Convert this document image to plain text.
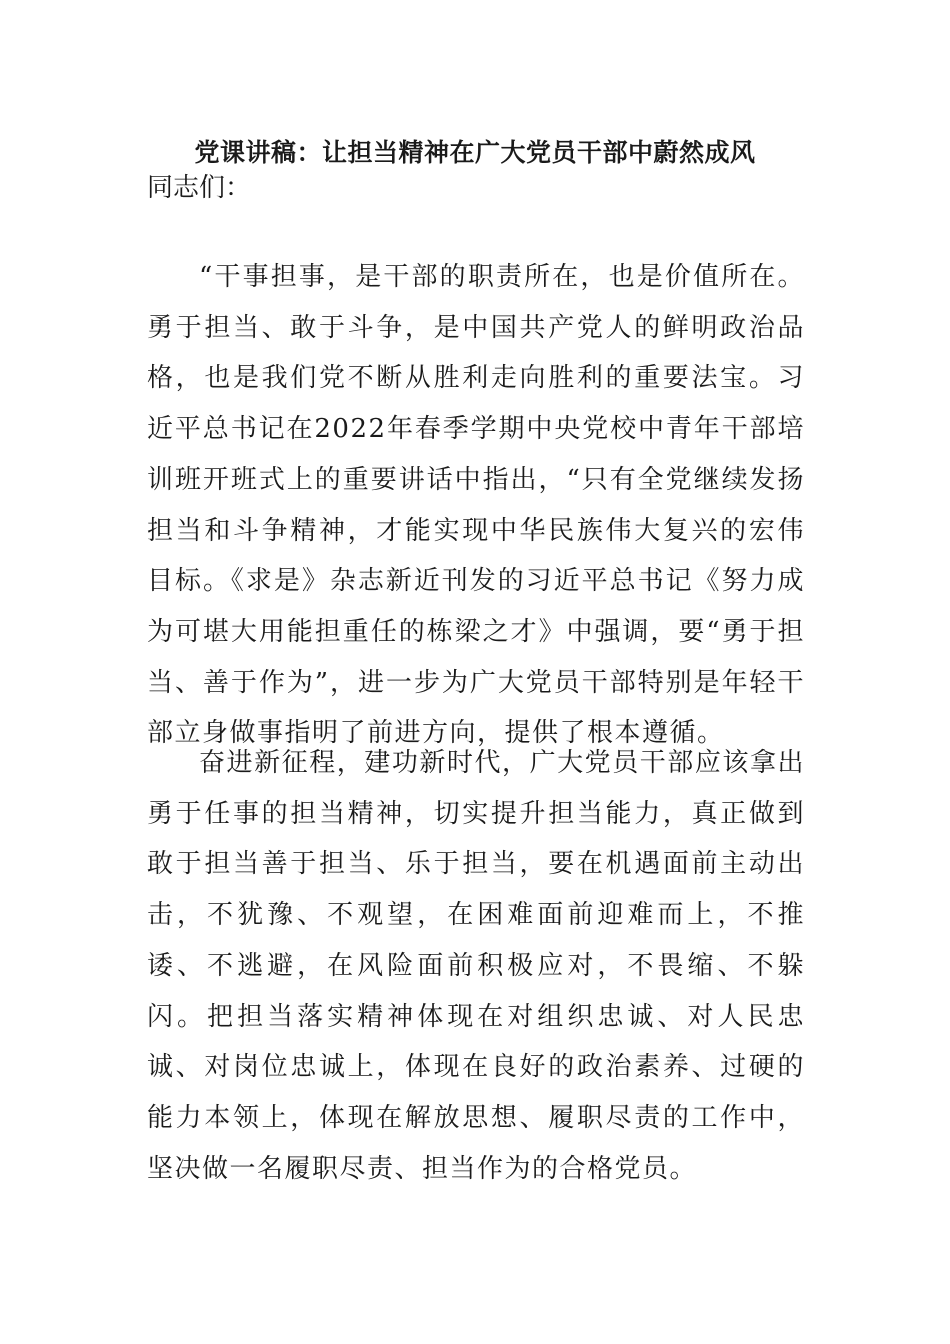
党课讲稿：让担当精神在广大党员干部中蔚然成风

同志们：

“干事担事，是干部的职责所在，也是价值所在。勇于担当、敢于斗争，是中国共产党人的鲜明政治品格，也是我们党不断从胜利走向胜利的重要法宝。习近平总书记在2022年春季学期中央党校中青年干部培训班开班式上的重要讲话中指出，“只有全党继续发扬担当和斗争精神，才能实现中华民族伟大复兴的宏伟目标。《求是》杂志新近刊发的习近平总书记《努力成为可堪大用能担重任的栋梁之才》中强调，要“勇于担当、善于作为”，进一步为广大党员干部特别是年轻干部立身做事指明了前进方向，提供了根本遵循。

奋进新征程，建功新时代，广大党员干部应该拿出勇于任事的担当精神，切实提升担当能力，真正做到敢于担当善于担当、乐于担当，要在机遇面前主动出击，不犹豫、不观望，在困难面前迎难而上，不推诿、不逃避，在风险面前积极应对，不畏缩、不躲闪。把担当落实精神体现在对组织忠诚、对人民忠诚、对岗位忠诚上，体现在良好的政治素养、过硬的能力本领上，体现在解放思想、履职尽责的工作中，坚决做一名履职尽责、担当作为的合格党员。
